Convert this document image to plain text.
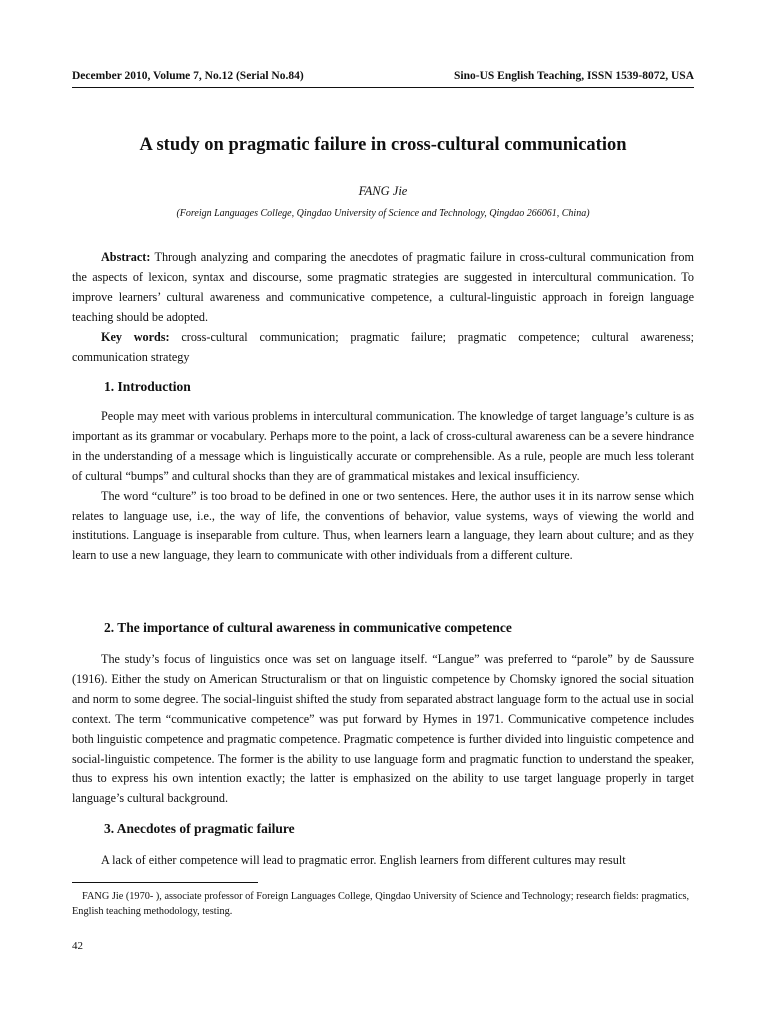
December 2010, Volume 7, No.12 (Serial No.84)	Sino-US English Teaching, ISSN 1539-8072, USA
A study on pragmatic failure in cross-cultural communication
FANG Jie
(Foreign Languages College, Qingdao University of Science and Technology, Qingdao 266061, China)

Abstract: Through analyzing and comparing the anecdotes of pragmatic failure in cross-cultural communication from the aspects of lexicon, syntax and discourse, some pragmatic strategies are suggested in intercultural communication. To improve learners’ cultural awareness and communicative competence, a cultural-linguistic approach in foreign language teaching should be adopted.

Key words: cross-cultural communication; pragmatic failure; pragmatic competence; cultural awareness; communication strategy

1. Introduction

People may meet with various problems in intercultural communication. The knowledge of target language’s culture is as important as its grammar or vocabulary. Perhaps more to the point, a lack of cross-cultural awareness can be a severe hindrance in the understanding of a message which is linguistically accurate or comprehensible. As a rule, people are much less tolerant of cultural “bumps” and cultural shocks than they are of grammatical mistakes and lexical insufficiency.

The word “culture” is too broad to be defined in one or two sentences. Here, the author uses it in its narrow sense which relates to language use, i.e., the way of life, the conventions of behavior, value systems, ways of viewing the world and institutions. Language is inseparable from culture. Thus, when learners learn a language, they learn about culture; and as they learn to use a new language, they learn to communicate with other individuals from a different culture.

2. The importance of cultural awareness in communicative competence

The study’s focus of linguistics once was set on language itself. “Langue” was preferred to “parole” by de Saussure (1916). Either the study on American Structuralism or that on linguistic competence by Chomsky ignored the social situation and norm to some degree. The social-linguist shifted the study from separated abstract language form to the actual use in social context. The term “communicative competence” was put forward by Hymes in 1971. Communicative competence includes both linguistic competence and pragmatic competence. Pragmatic competence is further divided into linguistic competence and social-linguistic competence. The former is the ability to use language form and pragmatic function to understand the speaker, thus to express his own intention exactly; the latter is emphasized on the ability to use target language properly in target language’s cultural background.

3. Anecdotes of pragmatic failure

A lack of either competence will lead to pragmatic error. English learners from different cultures may result

FANG Jie (1970- ), associate professor of Foreign Languages College, Qingdao University of Science and Technology; research fields: pragmatics, English teaching methodology, testing.
42
